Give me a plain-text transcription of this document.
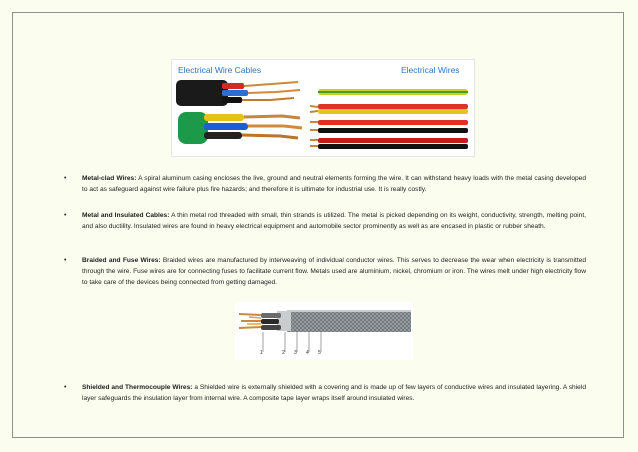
Electrical Wire Cables	Electrical Wires
• Metal-clad Wires: A spiral aluminum casing encloses the live, ground and neutral elements forming the wire. It can withstand heavy loads with the metal casing developed to act as safeguard against wire failure plus fire hazards; and therefore it is ultimate for industrial use. It is really costly.
• Metal and Insulated Cables: A thin metal rod threaded with small, thin strands is utilized. The metal is picked depending on its weight, conductivity, strength, melting point, and also ductility. Insulated wires are found in heavy electrical equipment and automobile sector prominently as well as are encased in plastic or rubber sheath.
• Braided and Fuse Wires: Braided wires are manufactured by interweaving of individual conductor wires. This serves to decrease the wear when electricity is transmitted through the wire. Fuse wires are for connecting fuses to facilitate current flow. Metals used are aluminium, nickel, chromium or iron. The wires melt under high electricity flow to take care of the devices being connected from getting damaged.
1	2 3 4 5
• Shielded and Thermocouple Wires: a Shielded wire is externally shielded with a covering and is made up of few layers of conductive wires and insulated layering. A shield layer safeguards the insulation layer from internal wire. A composite tape layer wraps itself around insulated wires.
